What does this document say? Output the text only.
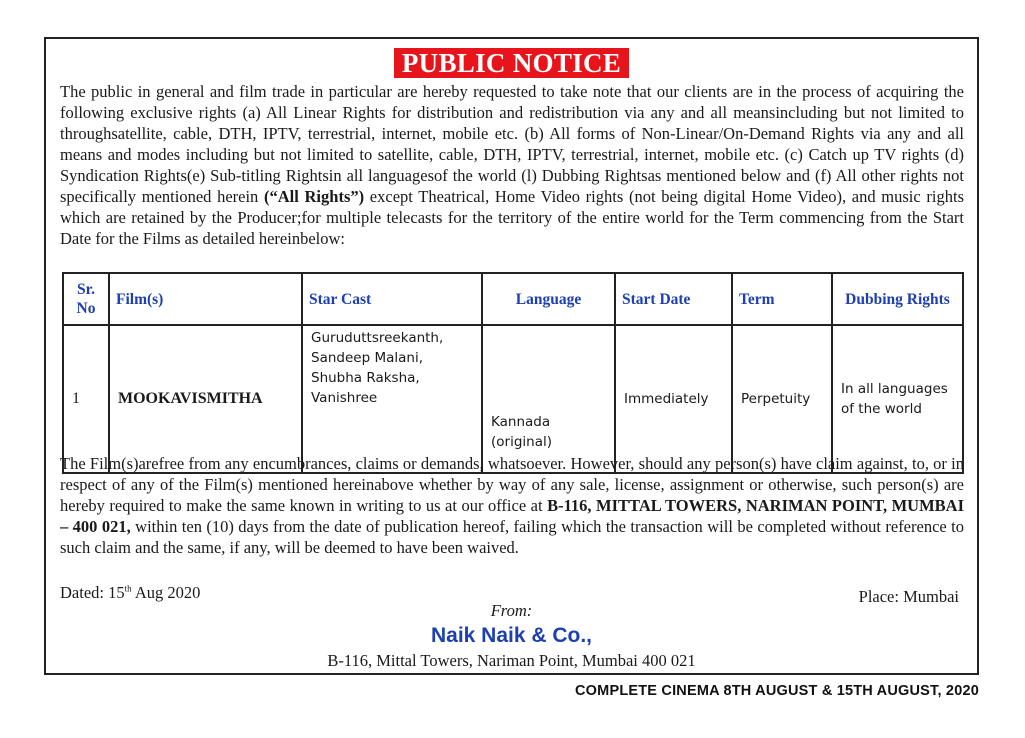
PUBLIC NOTICE
The public in general and film trade in particular are hereby requested to take note that our clients are in the process of acquiring the following exclusive rights (a) All Linear Rights for distribution and redistribution via any and all meansincluding but not limited to throughsatellite, cable, DTH, IPTV, terrestrial, internet, mobile etc. (b) All forms of Non-Linear/On-Demand Rights via any and all means and modes including but not limited to satellite, cable, DTH, IPTV, terrestrial, internet, mobile etc. (c) Catch up TV rights (d) Syndication Rights(e) Sub-titling Rightsin all languagesof the world (l) Dubbing Rightsas mentioned below and (f) All other rights not specifically mentioned herein (“All Rights”) except Theatrical, Home Video rights (not being digital Home Video), and music rights which are retained by the Producer;for multiple telecasts for the territory of the entire world for the Term commencing from the Start Date for the Films as detailed hereinbelow:
Sr. No	Film(s)	Star Cast	Language	Start Date	Term	Dubbing Rights
1	MOOKAVISMITHA	Guruduttsreekanth, Sandeep Malani, Shubha Raksha, Vanishree	Kannada (original)	Immediately	Perpetuity	In all languages of the world
The Film(s)arefree from any encumbrances, claims or demands, whatsoever. However, should any person(s) have claim against, to, or in respect of any of the Film(s) mentioned hereinabove whether by way of any sale, license, assignment or otherwise, such person(s) are hereby required to make the same known in writing to us at our office at B-116, MITTAL TOWERS, NARIMAN POINT, MUMBAI – 400 021, within ten (10) days from the date of publication hereof, failing which the transaction will be completed without reference to such claim and the same, if any, will be deemed to have been waived.
Dated: 15th Aug 2020	Place: Mumbai
From:
Naik Naik & Co.,
B-116, Mittal Towers, Nariman Point, Mumbai 400 021
COMPLETE CINEMA 8TH AUGUST & 15TH AUGUST, 2020
